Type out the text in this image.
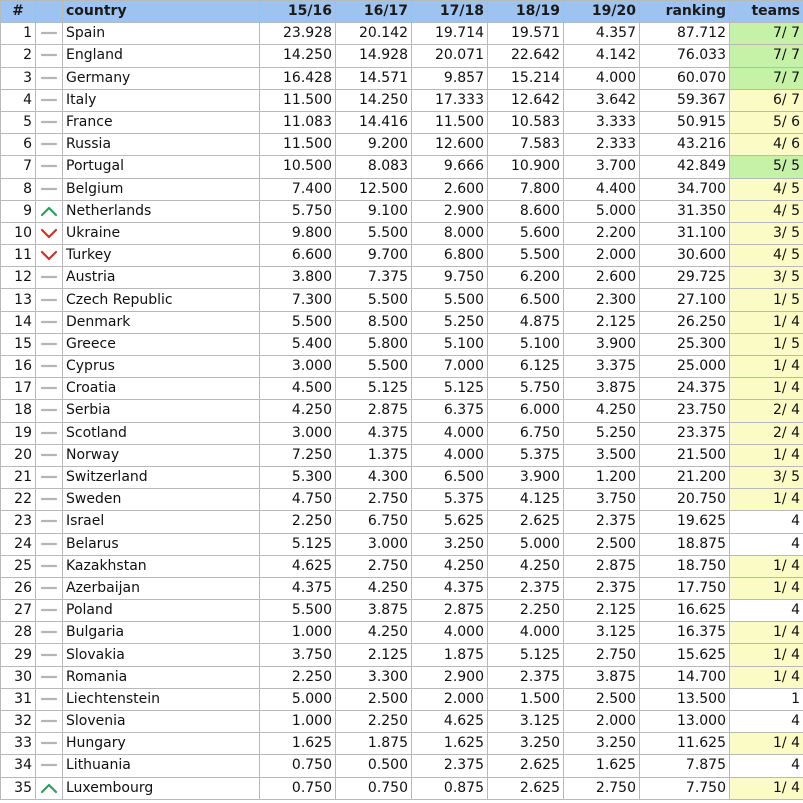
#		country	15/16	16/17	17/18	18/19	19/20	ranking	teams
1		Spain	23.928	20.142	19.714	19.571	4.357	87.712	7/ 7
2		England	14.250	14.928	20.071	22.642	4.142	76.033	7/ 7
3		Germany	16.428	14.571	9.857	15.214	4.000	60.070	7/ 7
4		Italy	11.500	14.250	17.333	12.642	3.642	59.367	6/ 7
5		France	11.083	14.416	11.500	10.583	3.333	50.915	5/ 6
6		Russia	11.500	9.200	12.600	7.583	2.333	43.216	4/ 6
7		Portugal	10.500	8.083	9.666	10.900	3.700	42.849	5/ 5
8		Belgium	7.400	12.500	2.600	7.800	4.400	34.700	4/ 5
9		Netherlands	5.750	9.100	2.900	8.600	5.000	31.350	4/ 5
10		Ukraine	9.800	5.500	8.000	5.600	2.200	31.100	3/ 5
11		Turkey	6.600	9.700	6.800	5.500	2.000	30.600	4/ 5
12		Austria	3.800	7.375	9.750	6.200	2.600	29.725	3/ 5
13		Czech Republic	7.300	5.500	5.500	6.500	2.300	27.100	1/ 5
14		Denmark	5.500	8.500	5.250	4.875	2.125	26.250	1/ 4
15		Greece	5.400	5.800	5.100	5.100	3.900	25.300	1/ 5
16		Cyprus	3.000	5.500	7.000	6.125	3.375	25.000	1/ 4
17		Croatia	4.500	5.125	5.125	5.750	3.875	24.375	1/ 4
18		Serbia	4.250	2.875	6.375	6.000	4.250	23.750	2/ 4
19		Scotland	3.000	4.375	4.000	6.750	5.250	23.375	2/ 4
20		Norway	7.250	1.375	4.000	5.375	3.500	21.500	1/ 4
21		Switzerland	5.300	4.300	6.500	3.900	1.200	21.200	3/ 5
22		Sweden	4.750	2.750	5.375	4.125	3.750	20.750	1/ 4
23		Israel	2.250	6.750	5.625	2.625	2.375	19.625	4
24		Belarus	5.125	3.000	3.250	5.000	2.500	18.875	4
25		Kazakhstan	4.625	2.750	4.250	4.250	2.875	18.750	1/ 4
26		Azerbaijan	4.375	4.250	4.375	2.375	2.375	17.750	1/ 4
27		Poland	5.500	3.875	2.875	2.250	2.125	16.625	4
28		Bulgaria	1.000	4.250	4.000	4.000	3.125	16.375	1/ 4
29		Slovakia	3.750	2.125	1.875	5.125	2.750	15.625	1/ 4
30		Romania	2.250	3.300	2.900	2.375	3.875	14.700	1/ 4
31		Liechtenstein	5.000	2.500	2.000	1.500	2.500	13.500	1
32		Slovenia	1.000	2.250	4.625	3.125	2.000	13.000	4
33		Hungary	1.625	1.875	1.625	3.250	3.250	11.625	1/ 4
34		Lithuania	0.750	0.500	2.375	2.625	1.625	7.875	4
35		Luxembourg	0.750	0.750	0.875	2.625	2.750	7.750	1/ 4
